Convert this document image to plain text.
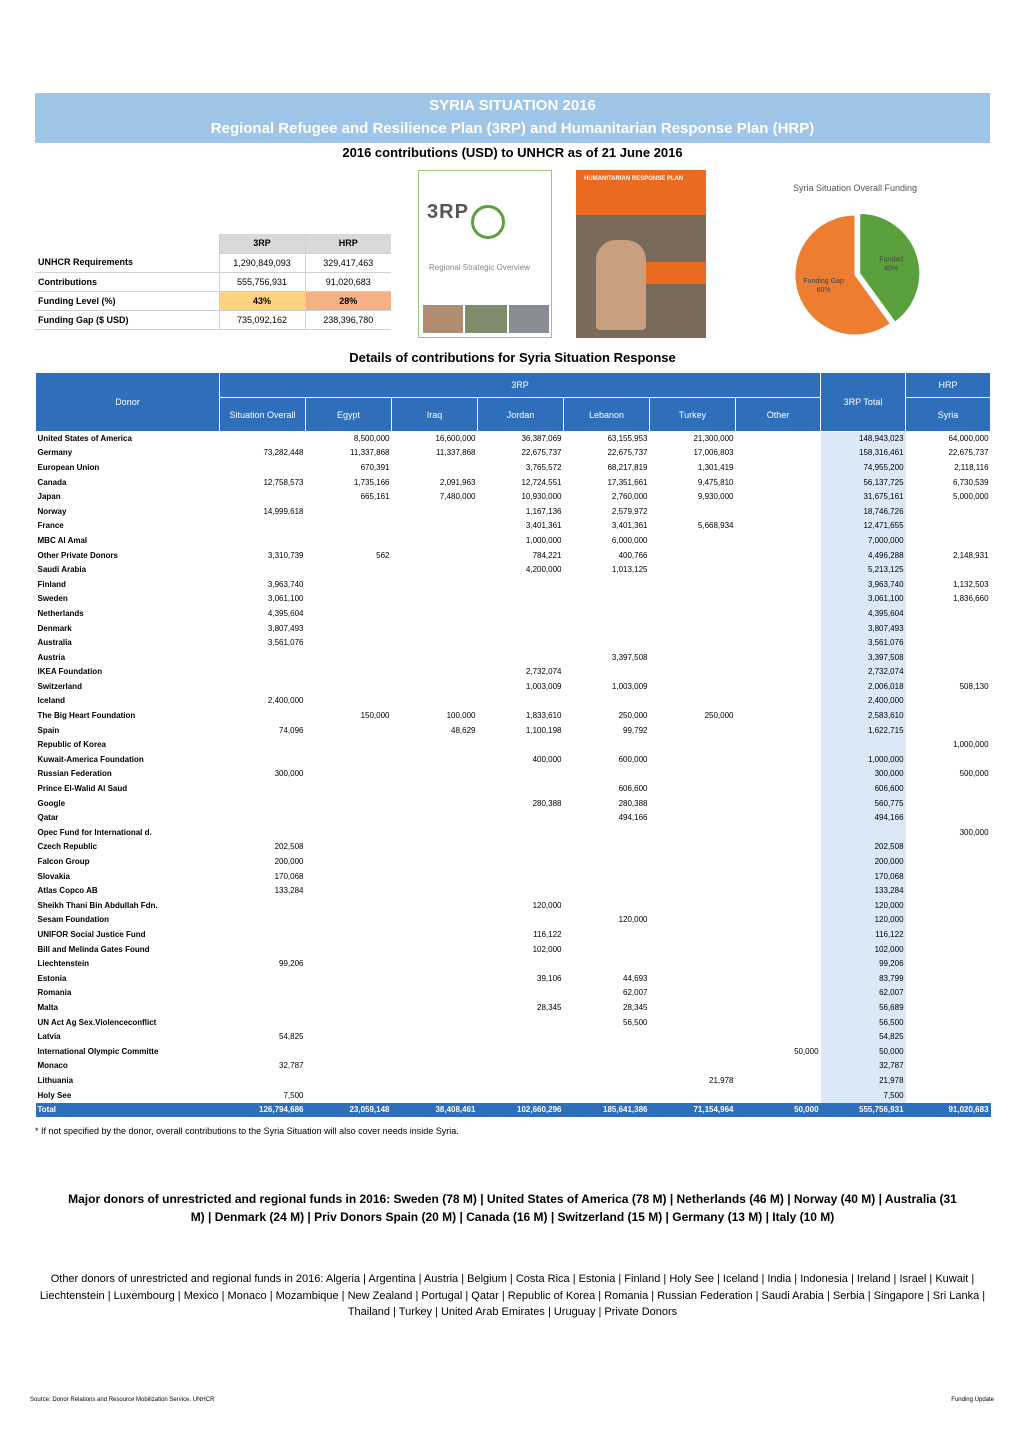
SYRIA SITUATION 2016
Regional Refugee and Resilience Plan (3RP) and Humanitarian Response Plan (HRP)
2016 contributions (USD) to UNHCR as of 21 June 2016
	3RP	HRP
UNHCR Requirements	1,290,849,093	329,417,463
Contributions	555,756,931	91,020,683
Funding Level (%)	43%	28%
Funding Gap ($ USD)	735,092,162	238,396,780
3RP
Regional Strategic Overview
HUMANITARIAN RESPONSE PLAN
Syria Situation Overall Funding
Funded
40%
Funding Gap
60%
Details of contributions for Syria Situation Response
Donor	3RP							3RP Total	HRP
	Situation Overall	Egypt	Iraq	Jordan	Lebanon	Turkey	Other		Syria
United States of America		8,500,000	16,600,000	36,387,069	63,155,953	21,300,000		148,943,023	64,000,000
Germany	73,282,448	11,337,868	11,337,868	22,675,737	22,675,737	17,006,803		158,316,461	22,675,737
European Union		670,391		3,765,572	68,217,819	1,301,419		74,955,200	2,118,116
Canada	12,758,573	1,735,166	2,091,963	12,724,551	17,351,661	9,475,810		56,137,725	6,730,539
Japan		665,161	7,480,000	10,930,000	2,760,000	9,930,000		31,675,161	5,000,000
Norway	14,999,618			1,167,136	2,579,972			18,746,726	
France				3,401,361	3,401,361	5,668,934		12,471,655	
MBC Al Amal				1,000,000	6,000,000			7,000,000	
Other Private Donors	3,310,739	562		784,221	400,766			4,496,288	2,148,931
Saudi Arabia				4,200,000	1,013,125			5,213,125	
Finland	3,963,740							3,963,740	1,132,503
Sweden	3,061,100							3,061,100	1,836,660
Netherlands	4,395,604							4,395,604	
Denmark	3,807,493							3,807,493	
Australia	3,561,076							3,561,076	
Austria					3,397,508			3,397,508	
IKEA Foundation				2,732,074				2,732,074	
Switzerland				1,003,009	1,003,009			2,006,018	508,130
Iceland	2,400,000							2,400,000	
The Big Heart Foundation		150,000	100,000	1,833,610	250,000	250,000		2,583,610	
Spain	74,096		48,629	1,100,198	99,792			1,622,715	
Republic of Korea									1,000,000
Kuwait-America Foundation				400,000	600,000			1,000,000	
Russian Federation	300,000							300,000	500,000
Prince El-Walid Al Saud					606,600			606,600	
Google				280,388	280,388			560,775	
Qatar					494,166			494,166	
Opec Fund for International d.									300,000
Czech Republic	202,508							202,508	
Falcon Group	200,000							200,000	
Slovakia	170,068							170,068	
Atlas Copco AB	133,284							133,284	
Sheikh Thani Bin Abdullah Fdn.				120,000				120,000	
Sesam Foundation					120,000			120,000	
UNIFOR Social Justice Fund				116,122				116,122	
Bill and Melinda Gates Found				102,000				102,000	
Liechtenstein	99,206							99,206	
Estonia				39,106	44,693			83,799	
Romania					62,007			62,007	
Malta				28,345	28,345			56,689	
UN Act Ag Sex.Violenceconflict					56,500			56,500	
Latvia	54,825							54,825	
International Olympic Committe							50,000	50,000	
Monaco	32,787							32,787	
Lithuania						21,978		21,978	
Holy See	7,500							7,500	
Total	126,794,686	23,059,148	38,408,461	102,660,296	185,641,386	71,154,964	50,000	555,756,931	91,020,683
* If not specified by the donor, overall contributions to the Syria Situation will also cover needs inside Syria.
Major donors of unrestricted and regional funds in 2016: Sweden (78 M) | United States of America (78 M) | Netherlands (46 M) | Norway (40 M) | Australia (31 M) | Denmark (24 M) | Priv Donors Spain (20 M) | Canada (16 M) | Switzerland (15 M) | Germany (13 M) | Italy (10 M)
Other donors of unrestricted and regional funds in 2016: Algeria | Argentina | Austria | Belgium | Costa Rica | Estonia | Finland | Holy See | Iceland | India | Indonesia | Ireland | Israel | Kuwait | Liechtenstein | Luxembourg | Mexico | Monaco | Mozambique | New Zealand | Portugal | Qatar | Republic of Korea | Romania | Russian Federation | Saudi Arabia | Serbia | Singapore | Sri Lanka | Thailand | Turkey | United Arab Emirates | Uruguay | Private Donors
Source: Donor Relations and Resource Mobilization Service, UNHCR	Funding Update
